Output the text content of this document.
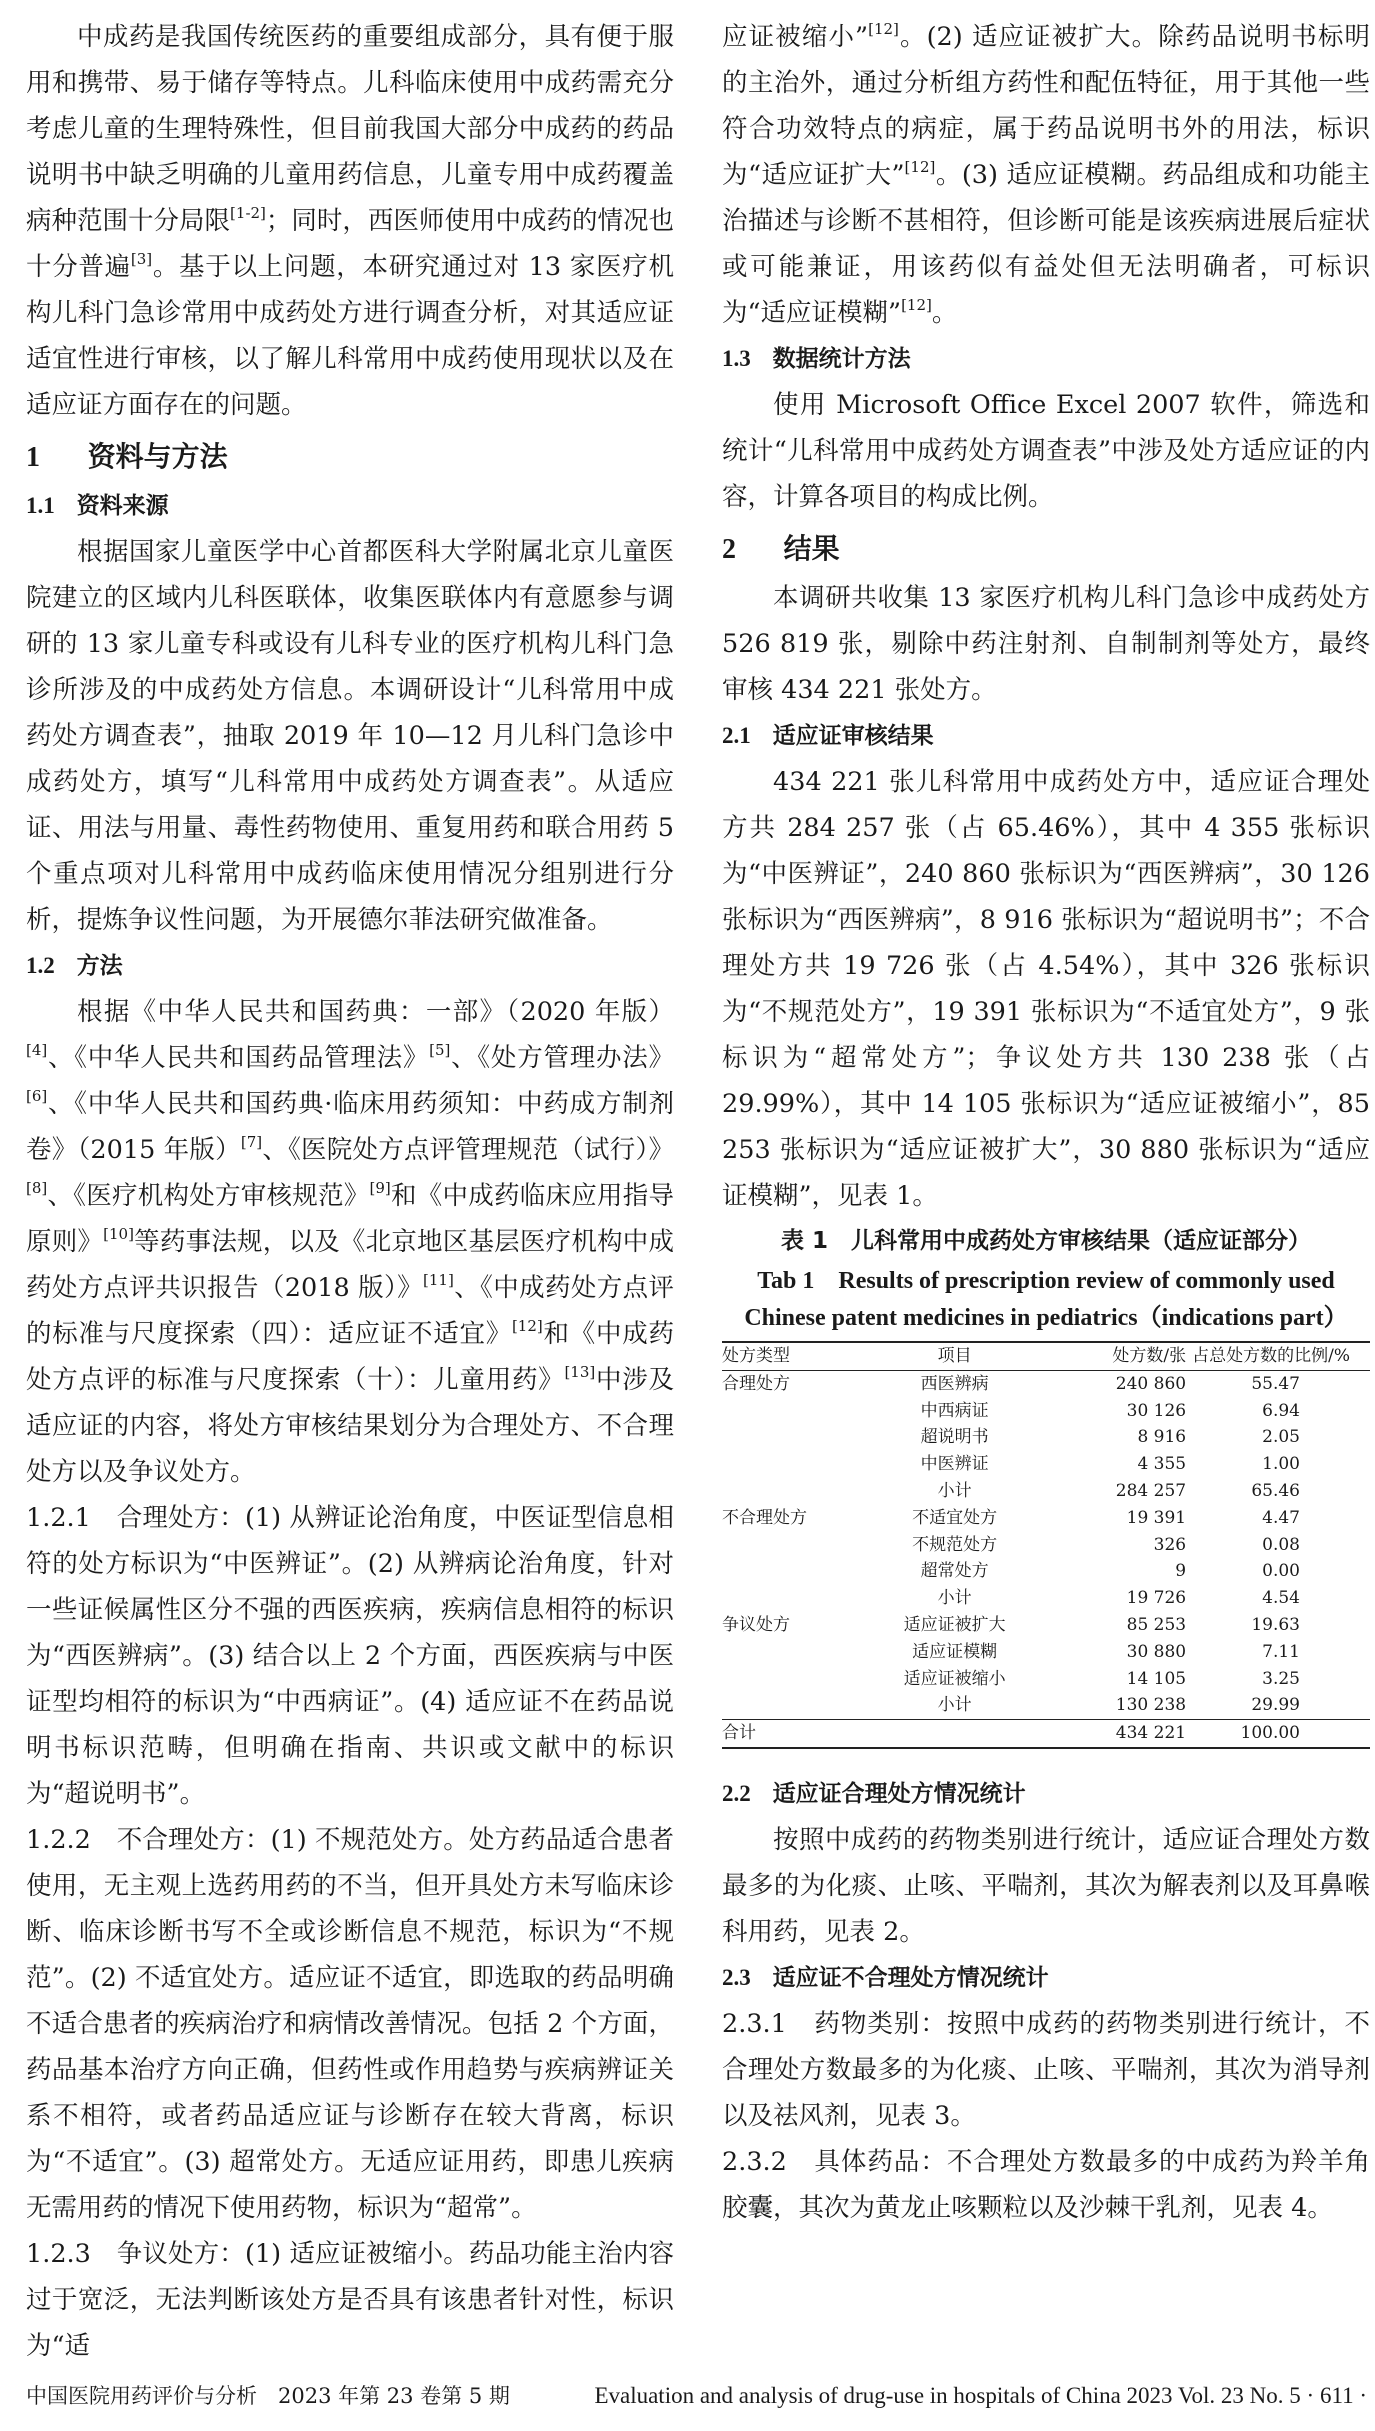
中成药是我国传统医药的重要组成部分，具有便于服用和携带、易于储存等特点。儿科临床使用中成药需充分考虑儿童的生理特殊性，但目前我国大部分中成药的药品说明书中缺乏明确的儿童用药信息，儿童专用中成药覆盖病种范围十分局限[1-2]；同时，西医师使用中成药的情况也十分普遍[3]。基于以上问题，本研究通过对 13 家医疗机构儿科门急诊常用中成药处方进行调查分析，对其适应证适宜性进行审核，以了解儿科常用中成药使用现状以及在适应证方面存在的问题。

1 资料与方法
1.1 资料来源

根据国家儿童医学中心首都医科大学附属北京儿童医院建立的区域内儿科医联体，收集医联体内有意愿参与调研的 13 家儿童专科或设有儿科专业的医疗机构儿科门急诊所涉及的中成药处方信息。本调研设计“儿科常用中成药处方调查表”，抽取 2019 年 10—12 月儿科门急诊中成药处方，填写“儿科常用中成药处方调查表”。从适应证、用法与用量、毒性药物使用、重复用药和联合用药 5 个重点项对儿科常用中成药临床使用情况分组别进行分析，提炼争议性问题，为开展德尔菲法研究做准备。

1.2 方法

根据《中华人民共和国药典：一部》（2020 年版）[4]、《中华人民共和国药品管理法》[5]、《处方管理办法》[6]、《中华人民共和国药典·临床用药须知：中药成方制剂卷》（2015 年版）[7]、《医院处方点评管理规范（试行）》[8]、《医疗机构处方审核规范》[9]和《中成药临床应用指导原则》[10]等药事法规，以及《北京地区基层医疗机构中成药处方点评共识报告（2018 版）》[11]、《中成药处方点评的标准与尺度探索（四）：适应证不适宜》[12]和《中成药处方点评的标准与尺度探索（十）：儿童用药》[13]中涉及适应证的内容，将处方审核结果划分为合理处方、不合理处方以及争议处方。

1.2.1　合理处方：(1) 从辨证论治角度，中医证型信息相符的处方标识为“中医辨证”。(2) 从辨病论治角度，针对一些证候属性区分不强的西医疾病，疾病信息相符的标识为“西医辨病”。(3) 结合以上 2 个方面，西医疾病与中医证型均相符的标识为“中西病证”。(4) 适应证不在药品说明书标识范畴，但明确在指南、共识或文献中的标识为“超说明书”。

1.2.2　不合理处方：(1) 不规范处方。处方药品适合患者使用，无主观上选药用药的不当，但开具处方未写临床诊断、临床诊断书写不全或诊断信息不规范，标识为“不规范”。(2) 不适宜处方。适应证不适宜，即选取的药品明确不适合患者的疾病治疗和病情改善情况。包括 2 个方面，药品基本治疗方向正确，但药性或作用趋势与疾病辨证关系不相符，或者药品适应证与诊断存在较大背离，标识为“不适宜”。(3) 超常处方。无适应证用药，即患儿疾病无需用药的情况下使用药物，标识为“超常”。

1.2.3　争议处方：(1) 适应证被缩小。药品功能主治内容过于宽泛，无法判断该处方是否具有该患者针对性，标识为“适

应证被缩小”[12]。(2) 适应证被扩大。除药品说明书标明的主治外，通过分析组方药性和配伍特征，用于其他一些符合功效特点的病症，属于药品说明书外的用法，标识为“适应证扩大”[12]。(3) 适应证模糊。药品组成和功能主治描述与诊断不甚相符，但诊断可能是该疾病进展后症状或可能兼证，用该药似有益处但无法明确者，可标识为“适应证模糊”[12]。

1.3 数据统计方法

使用 Microsoft Office Excel 2007 软件，筛选和统计“儿科常用中成药处方调查表”中涉及处方适应证的内容，计算各项目的构成比例。

2 结果

本调研共收集 13 家医疗机构儿科门急诊中成药处方 526 819 张，剔除中药注射剂、自制制剂等处方，最终审核 434 221 张处方。

2.1 适应证审核结果

434 221 张儿科常用中成药处方中，适应证合理处方共 284 257 张（占 65.46%），其中 4 355 张标识为“中医辨证”，240 860 张标识为“西医辨病”，30 126 张标识为“西医辨病”，8 916 张标识为“超说明书”；不合理处方共 19 726 张（占 4.54%），其中 326 张标识为“不规范处方”，19 391 张标识为“不适宜处方”，9 张标识为“超常处方”；争议处方共 130 238 张（占 29.99%），其中 14 105 张标识为“适应证被缩小”，85 253 张标识为“适应证被扩大”，30 880 张标识为“适应证模糊”，见表 1。

表 1　儿科常用中成药处方审核结果（适应证部分）
Tab 1　Results of prescription review of commonly used
Chinese patent medicines in pediatrics（indications part）
处方类型	项目	处方数/张	占总处方数的比例/%
合理处方	西医辨病	240 860	55.47
	中西病证	30 126	6.94
	超说明书	8 916	2.05
	中医辨证	4 355	1.00
	小计	284 257	65.46
不合理处方	不适宜处方	19 391	4.47
	不规范处方	326	0.08
	超常处方	9	0.00
	小计	19 726	4.54
争议处方	适应证被扩大	85 253	19.63
	适应证模糊	30 880	7.11
	适应证被缩小	14 105	3.25
	小计	130 238	29.99
合计		434 221	100.00
2.2 适应证合理处方情况统计

按照中成药的药物类别进行统计，适应证合理处方数最多的为化痰、止咳、平喘剂，其次为解表剂以及耳鼻喉科用药，见表 2。

2.3 适应证不合理处方情况统计

2.3.1　药物类别：按照中成药的药物类别进行统计，不合理处方数最多的为化痰、止咳、平喘剂，其次为消导剂以及祛风剂，见表 3。

2.3.2　具体药品：不合理处方数最多的中成药为羚羊角胶囊，其次为黄龙止咳颗粒以及沙棘干乳剂，见表 4。

中国医院用药评价与分析　2023 年第 23 卷第 5 期	Evaluation and analysis of drug-use in hospitals of China 2023 Vol. 23 No. 5 · 611 ·
